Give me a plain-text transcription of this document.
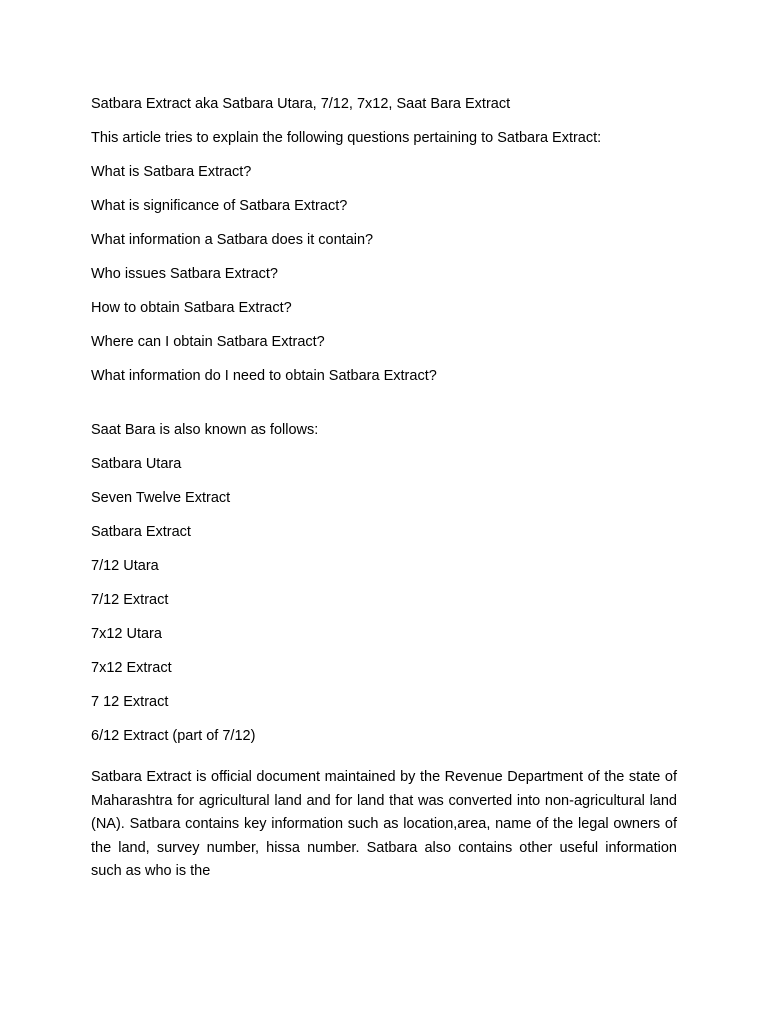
Satbara Extract aka Satbara Utara, 7/12, 7x12, Saat Bara Extract
This article tries to explain the following questions pertaining to Satbara Extract:
What is Satbara Extract?
What is significance of Satbara Extract?
What information a Satbara does it contain?
Who issues Satbara Extract?
How to obtain Satbara Extract?
Where can I obtain Satbara Extract?
What information do I need to obtain Satbara Extract?
Saat Bara is also known as follows:
Satbara Utara
Seven Twelve Extract
Satbara Extract
7/12 Utara
7/12 Extract
7x12 Utara
7x12 Extract
7 12 Extract
6/12 Extract (part of 7/12)
Satbara Extract is official document maintained by the Revenue Department of the state of Maharashtra for agricultural land and for land that was converted into non-agricultural land (NA). Satbara contains key information such as location,area, name of the legal owners of the land, survey number, hissa number. Satbara also contains other useful information such as who is the
